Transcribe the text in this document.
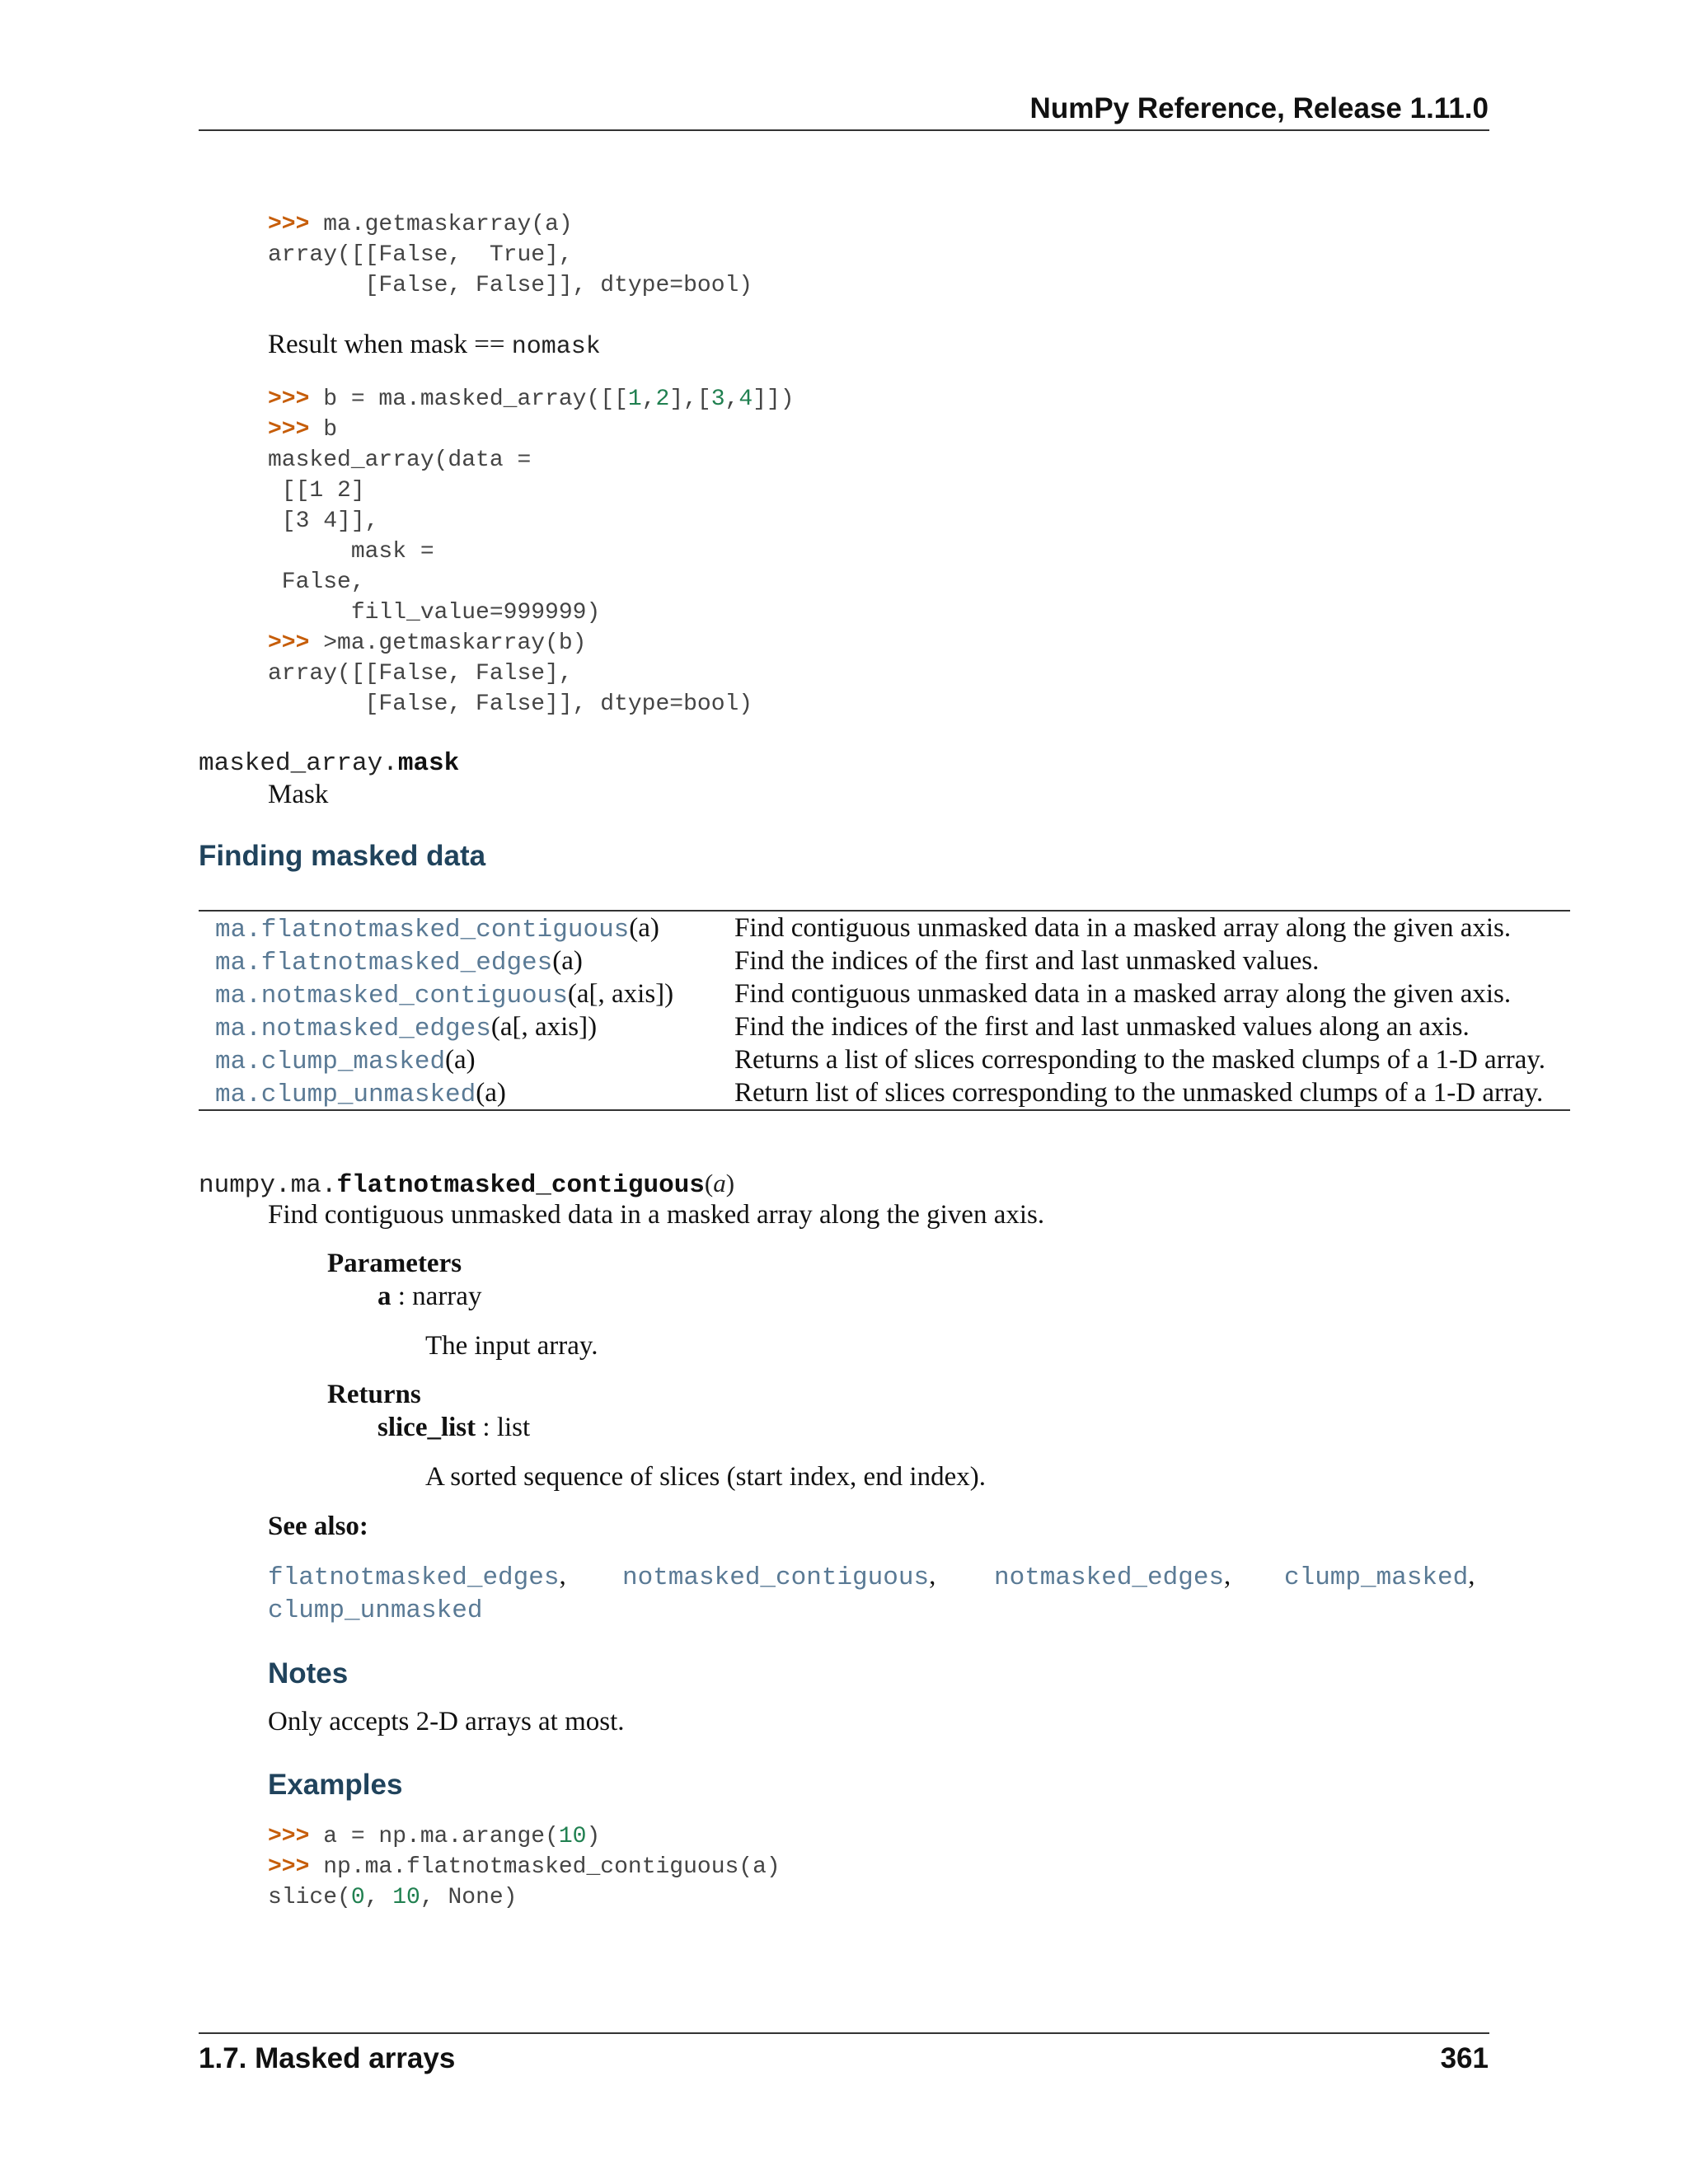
NumPy Reference, Release 1.11.0
>>> ma.getmaskarray(a)
array([[False,  True],
[False, False]], dtype=bool)
Result when mask == nomask
>>> b = ma.masked_array([[1,2],[3,4]])
>>> b
masked_array(data =
[[1 2]
[3 4]],
mask =
False,
fill_value=999999)
>>> >ma.getmaskarray(b)
array([[False, False],
[False, False]], dtype=bool)
masked_array.mask
Mask
Finding masked data
ma.flatnotmasked_contiguous(a)	Find contiguous unmasked data in a masked array along the given axis.
ma.flatnotmasked_edges(a)	Find the indices of the first and last unmasked values.
ma.notmasked_contiguous(a[, axis]) Find contiguous unmasked data in a masked array along the given axis.
ma.notmasked_edges(a[, axis])	Find the indices of the first and last unmasked values along an axis.
ma.clump_masked(a)	Returns a list of slices corresponding to the masked clumps of a 1-D array.
ma.clump_unmasked(a)	Return list of slices corresponding to the unmasked clumps of a 1-D array.
numpy.ma.flatnotmasked_contiguous(a)
Find contiguous unmasked data in a masked array along the given axis.
Parameters
a : narray
The input array.
Returns
slice_list : list
A sorted sequence of slices (start index, end index).
See also:
flatnotmasked_edges, notmasked_contiguous, notmasked_edges, clump_masked,
clump_unmasked
Notes
Only accepts 2-D arrays at most.
Examples
>>> a = np.ma.arange(10)
>>> np.ma.flatnotmasked_contiguous(a)
slice(0, 10, None)
1.7. Masked arrays	361
